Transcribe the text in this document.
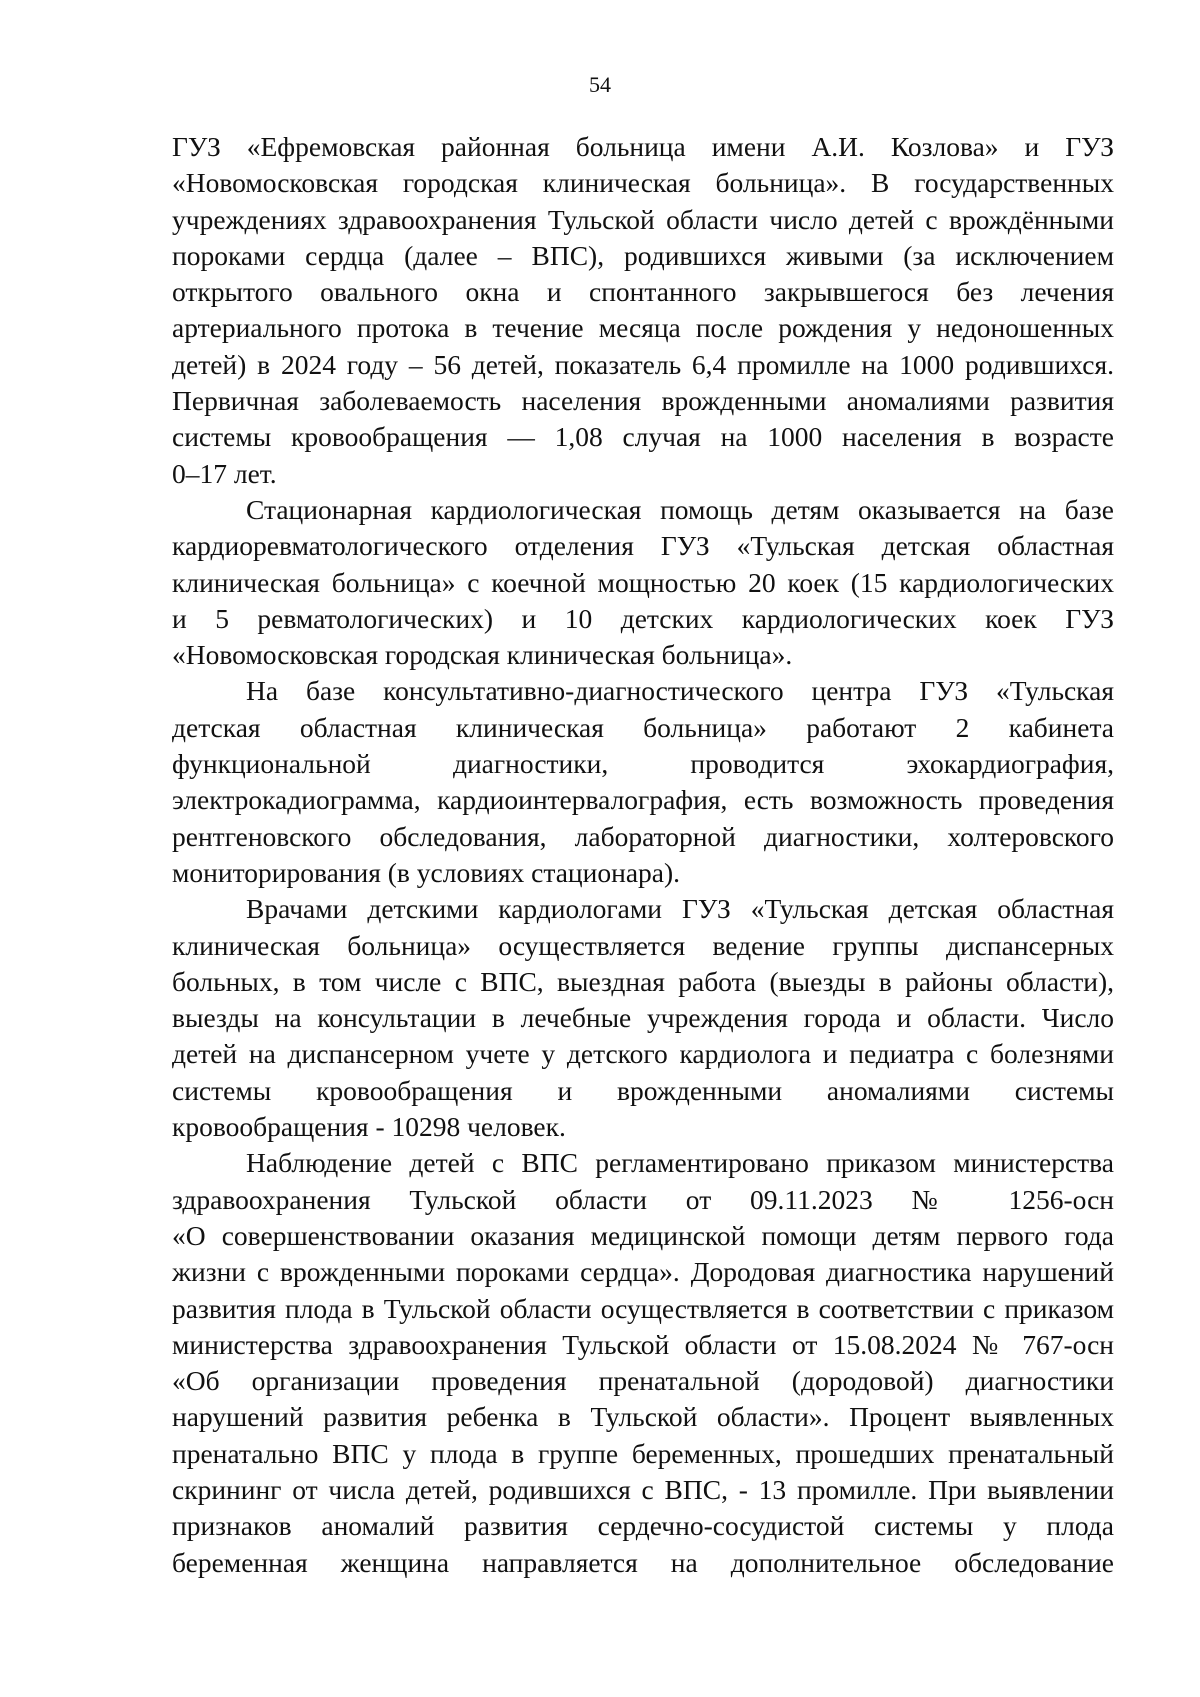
54
ГУЗ «Ефремовская районная больница имени А.И. Козлова» и ГУЗ
«Новомосковская городская клиническая больница». В государственных
учреждениях здравоохранения Тульской области число детей с врождёнными
пороками сердца (далее – ВПС), родившихся живыми (за исключением
открытого овального окна и спонтанного закрывшегося без лечения
артериального протока в течение месяца после рождения у недоношенных
детей) в 2024 году – 56 детей, показатель 6,4 промилле на 1000 родившихся.
Первичная заболеваемость населения врожденными аномалиями развития
системы кровообращения — 1,08 случая на 1000 населения в возрасте
0–17 лет.
Стационарная кардиологическая помощь детям оказывается на базе
кардиоревматологического отделения ГУЗ «Тульская детская областная
клиническая больница» с коечной мощностью 20 коек (15 кардиологических
и 5 ревматологических) и 10 детских кардиологических коек ГУЗ
«Новомосковская городская клиническая больница».
На базе консультативно-диагностического центра ГУЗ «Тульская
детская областная клиническая больница» работают 2 кабинета
функциональной диагностики, проводится эхокардиография,
электрокадиограмма, кардиоинтервалография, есть возможность проведения
рентгеновского обследования, лабораторной диагностики, холтеровского
мониторирования (в условиях стационара).
Врачами детскими кардиологами ГУЗ «Тульская детская областная
клиническая больница» осуществляется ведение группы диспансерных
больных, в том числе с ВПС, выездная работа (выезды в районы области),
выезды на консультации в лечебные учреждения города и области. Число
детей на диспансерном учете у детского кардиолога и педиатра с болезнями
системы кровообращения и врожденными аномалиями системы
кровообращения - 10298 человек.
Наблюдение детей с ВПС регламентировано приказом министерства
здравоохранения Тульской области от 09.11.2023 № 1256-осн
«О совершенствовании оказания медицинской помощи детям первого года
жизни с врожденными пороками сердца». Дородовая диагностика нарушений
развития плода в Тульской области осуществляется в соответствии с приказом
министерства здравоохранения Тульской области от 15.08.2024 № 767-осн
«Об организации проведения пренатальной (дородовой) диагностики
нарушений развития ребенка в Тульской области». Процент выявленных
пренатально ВПС у плода в группе беременных, прошедших пренатальный
скрининг от числа детей, родившихся с ВПС, - 13 промилле. При выявлении
признаков аномалий развития сердечно-сосудистой системы у плода
беременная женщина направляется на дополнительное обследование
